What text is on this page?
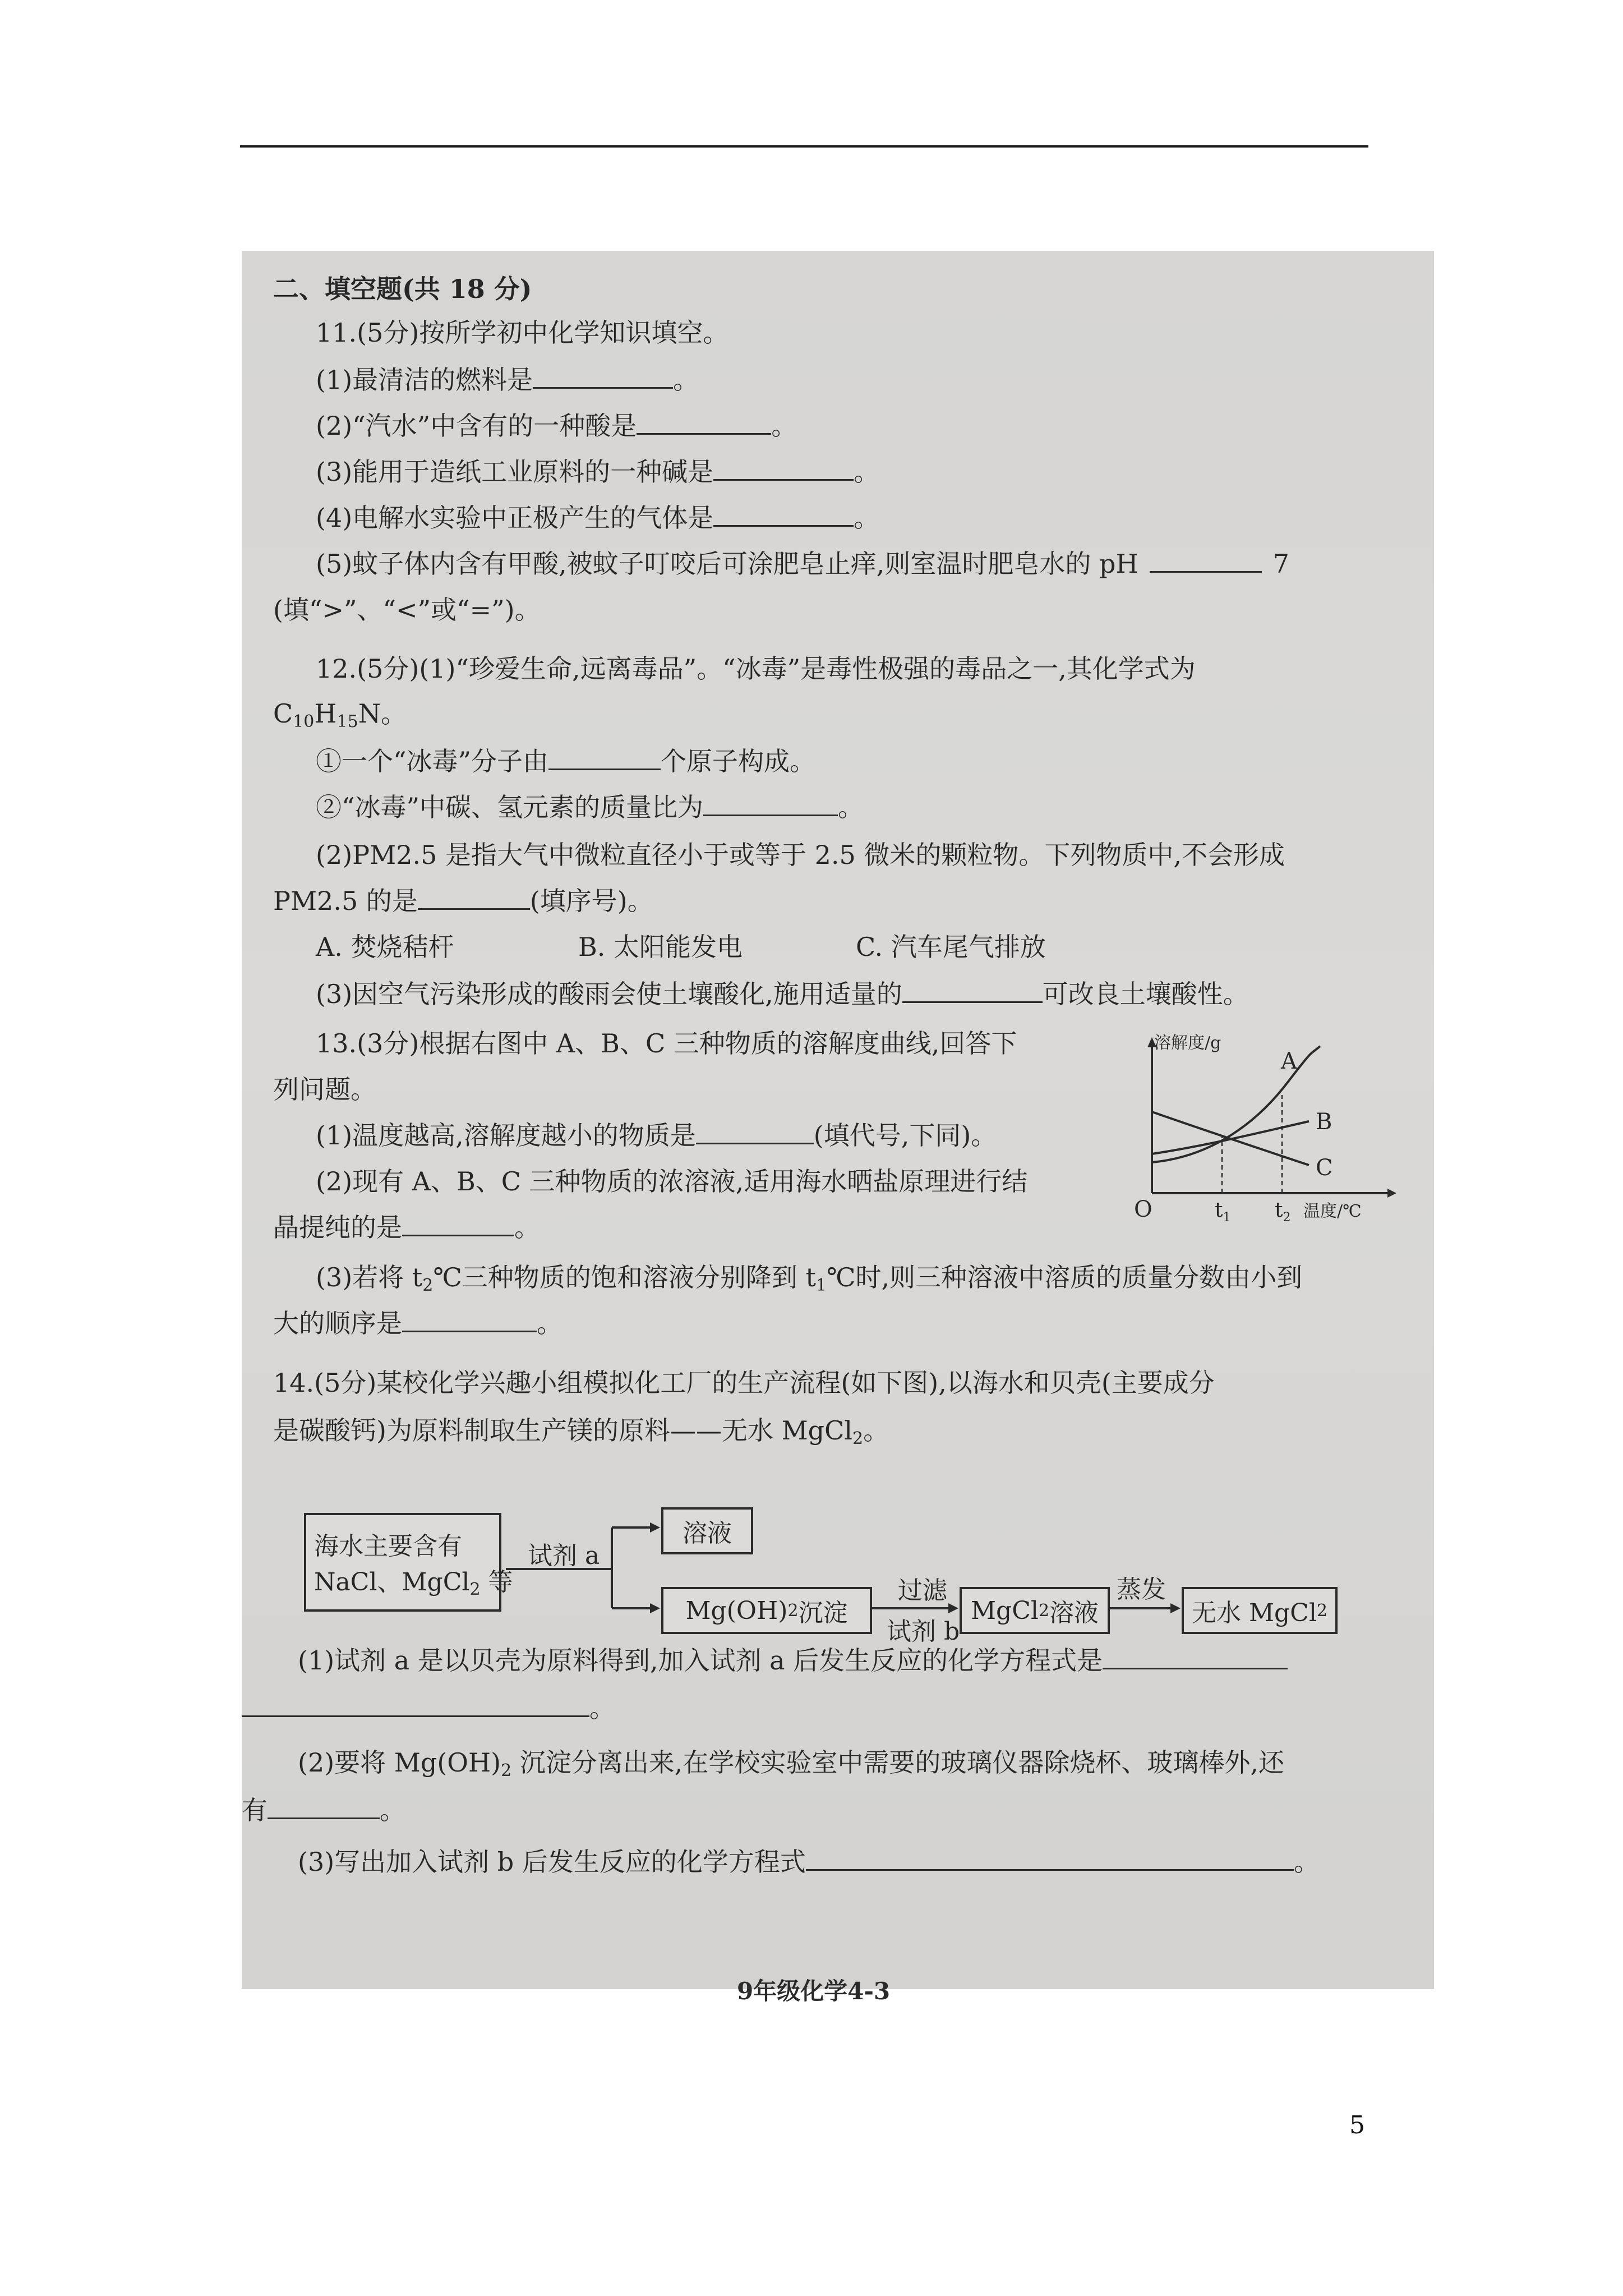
二、填空题(共 18 分)
11.(5分)按所学初中化学知识填空。
(1)最清洁的燃料是	。
(2)“汽水”中含有的一种酸是	。
(3)能用于造纸工业原料的一种碱是	。
(4)电解水实验中正极产生的气体是	。
(5)蚊子体内含有甲酸,被蚊子叮咬后可涂肥皂止痒,则室温时肥皂水的 pH	7
(填“>”、“<”或“=”)。
12.(5分)(1)“珍爱生命,远离毒品”。“冰毒”是毒性极强的毒品之一,其化学式为
$C_{10}H_{15}N$。
①一个“冰毒”分子由	个原子构成。
②“冰毒”中碳、氢元素的质量比为	。
(2)PM2.5 是指大气中微粒直径小于或等于 2.5 微米的颗粒物。下列物质中,不会形成
PM2.5 的是	(填序号)。
A. 焚烧秸杆	B. 太阳能发电	C. 汽车尾气排放
(3)因空气污染形成的酸雨会使土壤酸化,施用适量的	可改良土壤酸性。
13.(3分)根据右图中 A、B、C 三种物质的溶解度曲线,回答下
列问题。
(1)温度越高,溶解度越小的物质是	(填代号,下同)。
(2)现有 A、B、C 三种物质的浓溶液,适用海水晒盐原理进行结
晶提纯的是	。
(3)若将 $t_2℃$三种物质的饱和溶液分别降到 $t_1℃$时,则三种溶液中溶质的质量分数由小到
大的顺序是	。
溶解度/g
A
B
C
O	$t_1$ $t_2$ 温度/℃
14.(5分)某校化学兴趣小组模拟化工厂的生产流程(如下图),以海水和贝壳(主要成分
是碳酸钙)为原料制取生产镁的原料——无水 MgCl$_2$。
海水主要含有
NaCl、MgCl$_2$ 等
试剂 a
溶液
Mg(OH) 2 沉淀
过滤
试剂 b
MgCl 2 溶液
蒸发
无水 MgCl 2
(1)试剂 a 是以贝壳为原料得到,加入试剂 a 后发生反应的化学方程式是
。
(2)要将 $Mg(OH)_2$ 沉淀分离出来,在学校实验室中需要的玻璃仪器除烧杯、玻璃棒外,还
有	。
(3)写出加入试剂 b 后发生反应的化学方程式	。
9年级化学4-3
5
